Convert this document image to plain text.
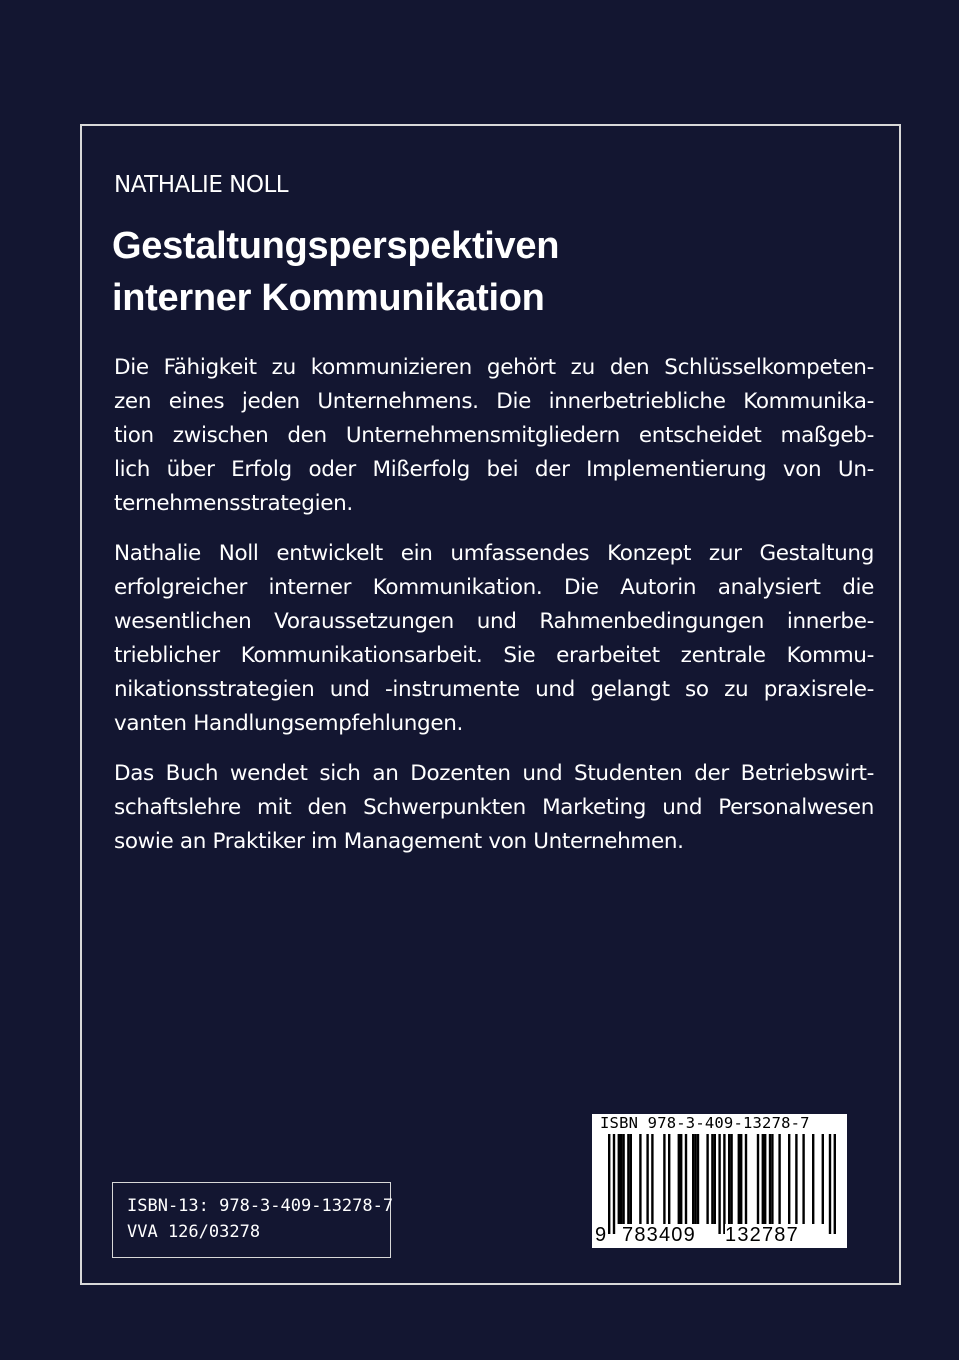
NATHALIE NOLL
Gestaltungsperspektiven
interner Kommunikation

Die Fähigkeit zu kommunizieren gehört zu den Schlüsselkompeten-
zen eines jeden Unternehmens. Die innerbetriebliche Kommunika-
tion zwischen den Unternehmensmitgliedern entscheidet maßgeb-
lich über Erfolg oder Mißerfolg bei der Implementierung von Un-
ternehmensstrategien.

Nathalie Noll entwickelt ein umfassendes Konzept zur Gestaltung
erfolgreicher interner Kommunikation. Die Autorin analysiert die
wesentlichen Voraussetzungen und Rahmenbedingungen innerbe-
trieblicher Kommunikationsarbeit. Sie erarbeitet zentrale Kommu-
nikationsstrategien und -instrumente und gelangt so zu praxisrele-
vanten Handlungsempfehlungen.

Das Buch wendet sich an Dozenten und Studenten der Betriebswirt-
schaftslehre mit den Schwerpunkten Marketing und Personalwesen
sowie an Praktiker im Management von Unternehmen.

ISBN-13: 978-3-409-13278-7
VVA 126/03278
ISBN 978-3-409-13278-7
9 783409 132787
